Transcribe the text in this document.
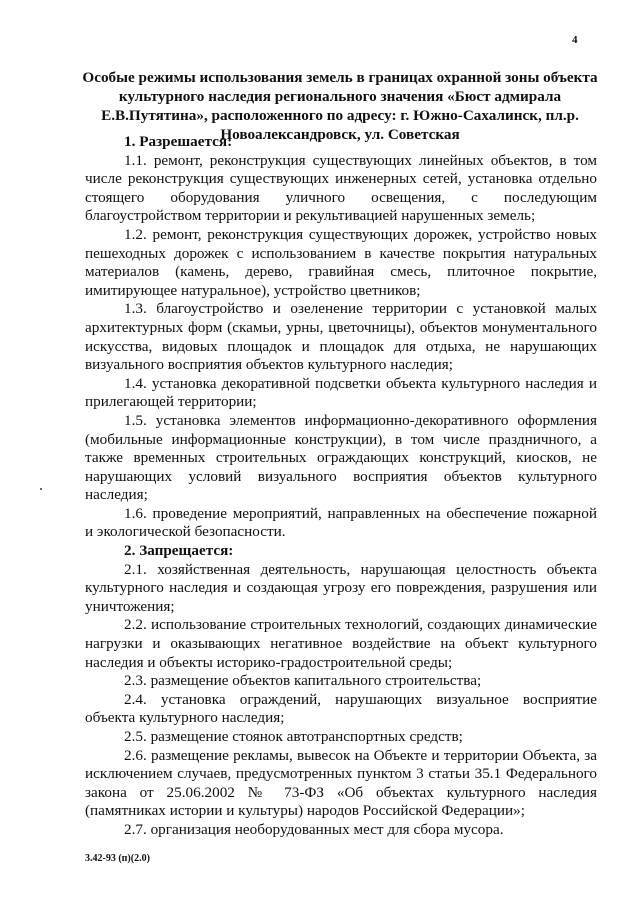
4
Особые режимы использования земель в границах охранной зоны объекта культурного наследия регионального значения «Бюст адмирала Е.В.Путятина», расположенного по адресу: г. Южно-Сахалинск, пл.р. Новоалександровск, ул. Советская
1. Разрешается:

1.1. ремонт, реконструкция существующих линейных объектов, в том числе реконструкция существующих инженерных сетей, установка отдельно стоящего оборудования уличного освещения, с последующим благоустройством территории и рекультивацией нарушенных земель;

1.2. ремонт, реконструкция существующих дорожек, устройство новых пешеходных дорожек с использованием в качестве покрытия натуральных материалов (камень, дерево, гравийная смесь, плиточное покрытие, имитирующее натуральное), устройство цветников;

1.3. благоустройство и озеленение территории с установкой малых архитектурных форм (скамьи, урны, цветочницы), объектов монументального искусства, видовых площадок и площадок для отдыха, не нарушающих визуального восприятия объектов культурного наследия;

1.4. установка декоративной подсветки объекта культурного наследия и прилегающей территории;

1.5. установка элементов информационно-декоративного оформления (мобильные информационные конструкции), в том числе праздничного, а также временных строительных ограждающих конструкций, киосков, не нарушающих условий визуального восприятия объектов культурного наследия;

1.6. проведение мероприятий, направленных на обеспечение пожарной и экологической безопасности.

2. Запрещается:

2.1. хозяйственная деятельность, нарушающая целостность объекта культурного наследия и создающая угрозу его повреждения, разрушения или уничтожения;

2.2. использование строительных технологий, создающих динамические нагрузки и оказывающих негативное воздействие на объект культурного наследия и объекты историко-градостроительной среды;

2.3. размещение объектов капитального строительства;

2.4. установка ограждений, нарушающих визуальное восприятие объекта культурного наследия;

2.5. размещение стоянок автотранспортных средств;

2.6. размещение рекламы, вывесок на Объекте и территории Объекта, за исключением случаев, предусмотренных пунктом 3 статьи 35.1 Федерального закона от 25.06.2002 № 73-ФЗ «Об объектах культурного наследия (памятниках истории и культуры) народов Российской Федерации»;

2.7. организация необорудованных мест для сбора мусора.

3.42-93 (п)(2.0)
